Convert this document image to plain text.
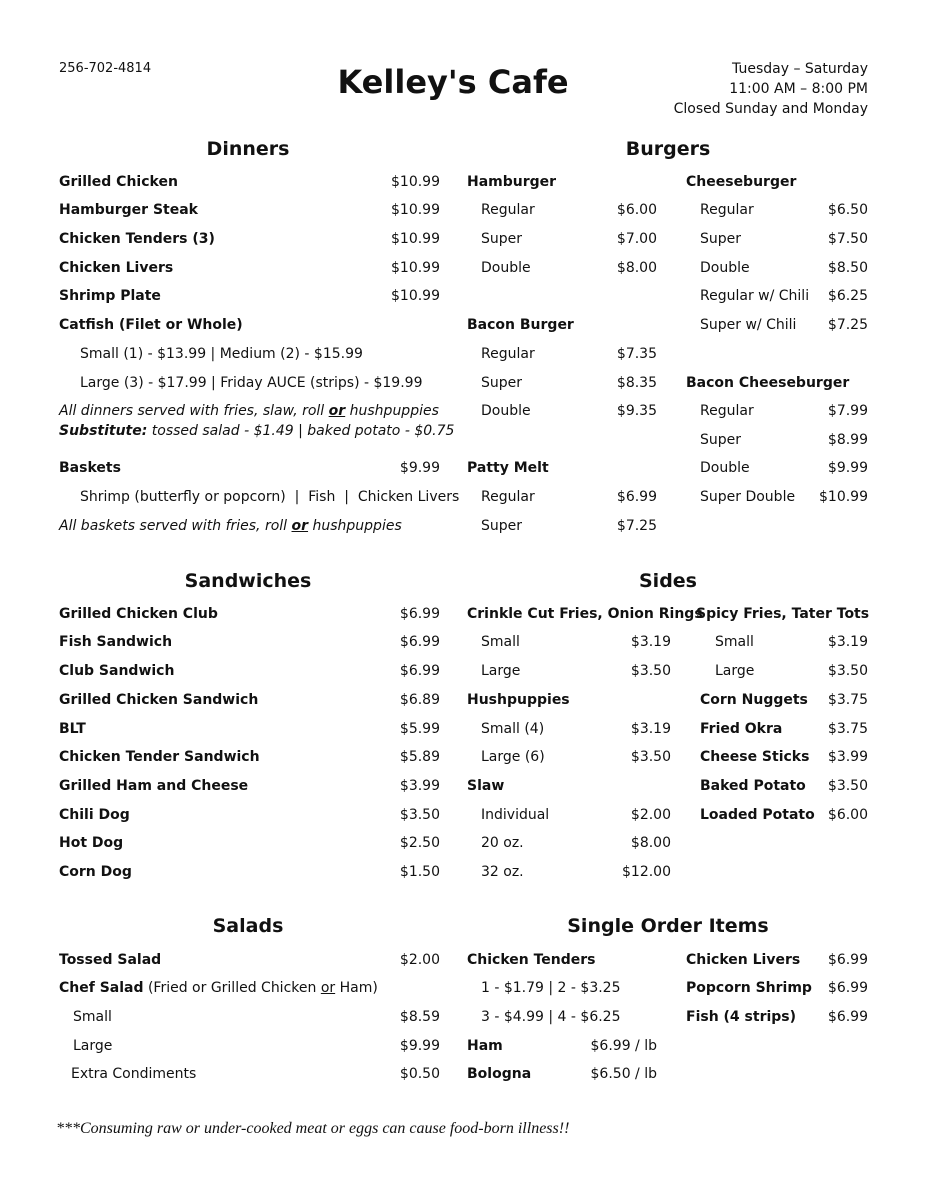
256-702-4814	Kelley's Cafe	Tuesday – Saturday
11:00 AM – 8:00 PM
Closed Sunday and Monday
Dinners
Grilled Chicken	$10.99
Hamburger Steak	$10.99
Chicken Tenders (3)	$10.99
Chicken Livers	$10.99
Shrimp Plate	$10.99
Catfish (Filet or Whole)
Small (1) - $13.99 | Medium (2) - $15.99
Large (3) - $17.99 | Friday AUCE (strips) - $19.99
All dinners served with fries, slaw, roll or hushpuppies
Substitute: tossed salad - $1.49 | baked potato - $0.75
Baskets	$9.99
Shrimp (butterfly or popcorn)  |  Fish  |  Chicken Livers
All baskets served with fries, roll or hushpuppies
Burgers
Hamburger
Regular	$6.00
Super	$7.00
Double	$8.00
Bacon Burger
Regular	$7.35
Super	$8.35
Double	$9.35
Patty Melt
Regular	$6.99
Super	$7.25
Cheeseburger
Regular	$6.50
Super	$7.50
Double	$8.50
Regular w/ Chili $6.25
Super w/ Chili $7.25
Bacon Cheeseburger
Regular	$7.99
Super	$8.99
Double	$9.99
Super Double $10.99
Sandwiches
Grilled Chicken Club	$6.99
Fish Sandwich	$6.99
Club Sandwich	$6.99
Grilled Chicken Sandwich	$6.89
BLT	$5.99
Chicken Tender Sandwich	$5.89
Grilled Ham and Cheese	$3.99
Chili Dog	$3.50
Hot Dog	$2.50
Corn Dog	$1.50
Sides
Crinkle Cut Fries, Onion Rings
Small	$3.19
Large	$3.50
Hushpuppies
Small (4)	$3.19
Large (6)	$3.50
Slaw
Individual	$2.00
20 oz.	$8.00
32 oz.	$12.00
Spicy Fries, Tater Tots
Small	$3.19
Large	$3.50
Corn Nuggets $3.75
Fried Okra	$3.75
Cheese Sticks $3.99
Baked Potato $3.50
Loaded Potato $6.00
Salads
Tossed Salad	$2.00
Chef Salad (Fried or Grilled Chicken or Ham)
Small	$8.59
Large	$9.99
Extra Condiments	$0.50
Single Order Items
Chicken Tenders
1 - $1.79 | 2 - $3.25
3 - $4.99 | 4 - $6.25
Ham	$6.99 / lb
Bologna	$6.50 / lb
Chicken Livers $6.99
Popcorn Shrimp $6.99
Fish (4 strips) $6.99
***Consuming raw or under-cooked meat or eggs can cause food-born illness!!
